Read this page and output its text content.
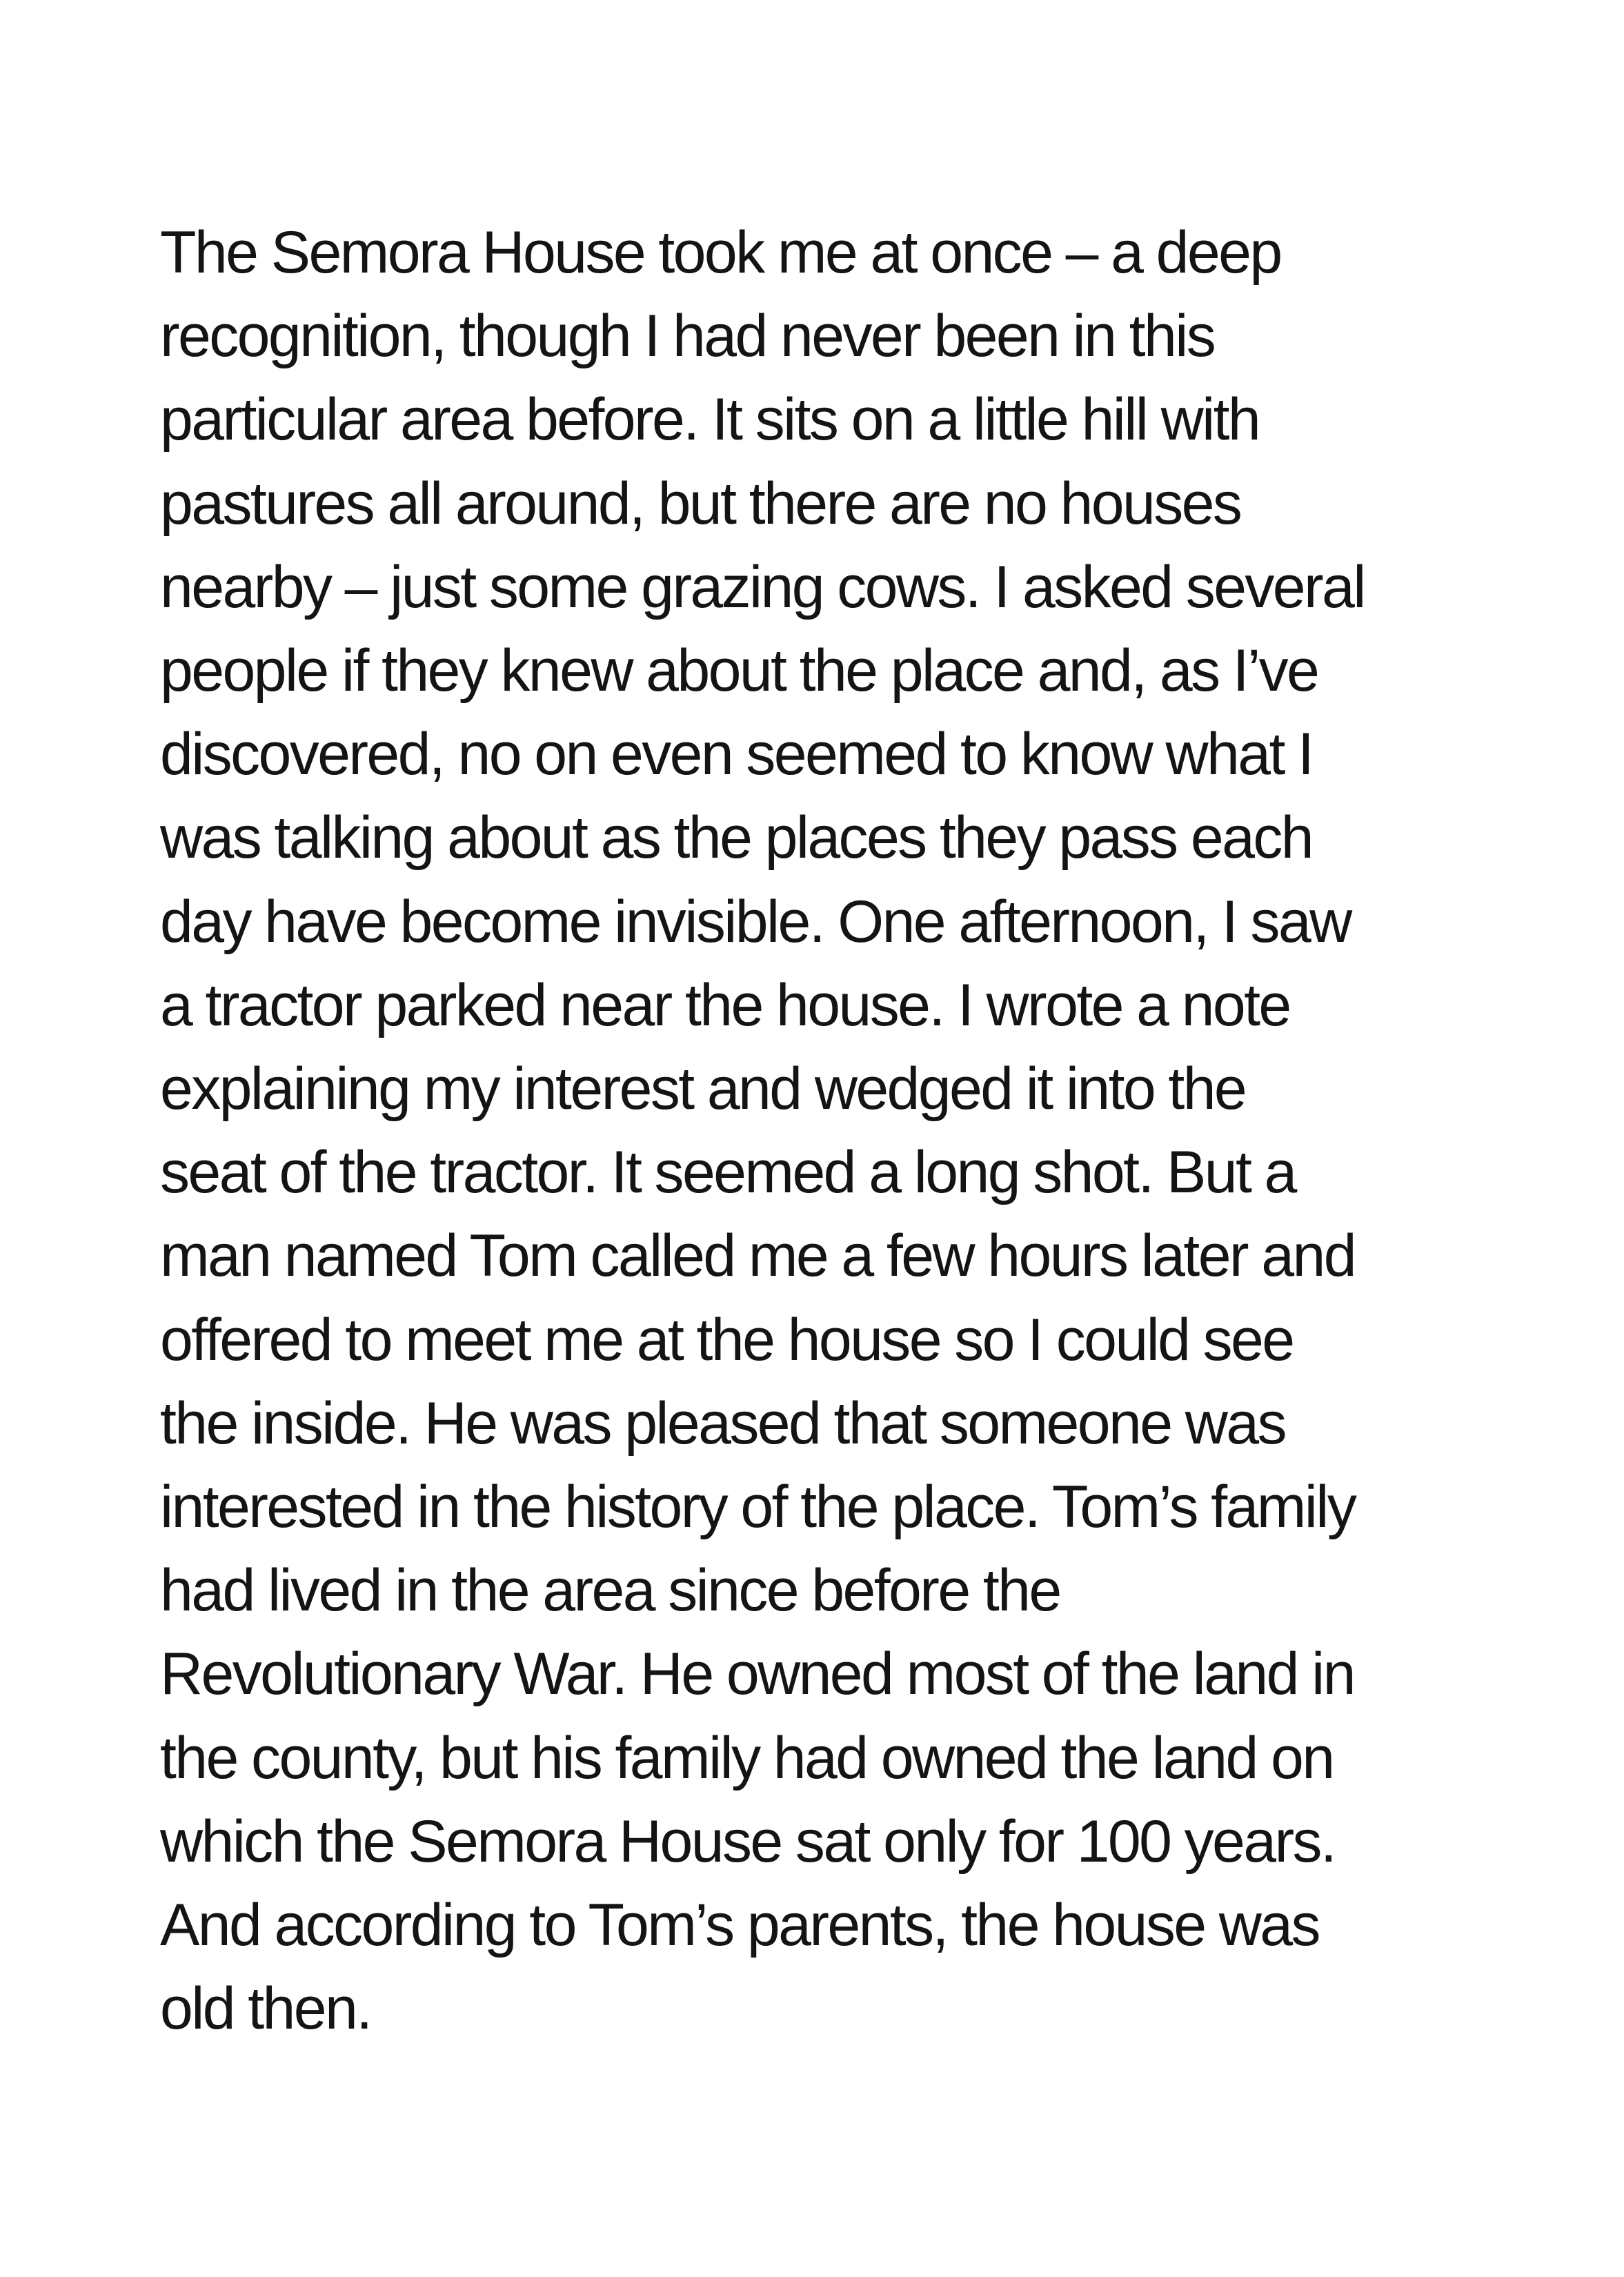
The Semora House took me at once – a deep
recognition, though I had never been in this
particular area before. It sits on a little hill with
pastures all around, but there are no houses
nearby – just some grazing cows. I asked several
people if they knew about the place and, as I’ve
discovered, no on even seemed to know what I
was talking about as the places they pass each
day have become invisible. One afternoon, I saw
a tractor parked near the house. I wrote a note
explaining my interest and wedged it into the
seat of the tractor. It seemed a long shot. But a
man named Tom called me a few hours later and
offered to meet me at the house so I could see
the inside. He was pleased that someone was
interested in the history of the place. Tom’s family
had lived in the area since before the
Revolutionary War. He owned most of the land in
the county, but his family had owned the land on
which the Semora House sat only for 100 years.
And according to Tom’s parents, the house was
old then.
